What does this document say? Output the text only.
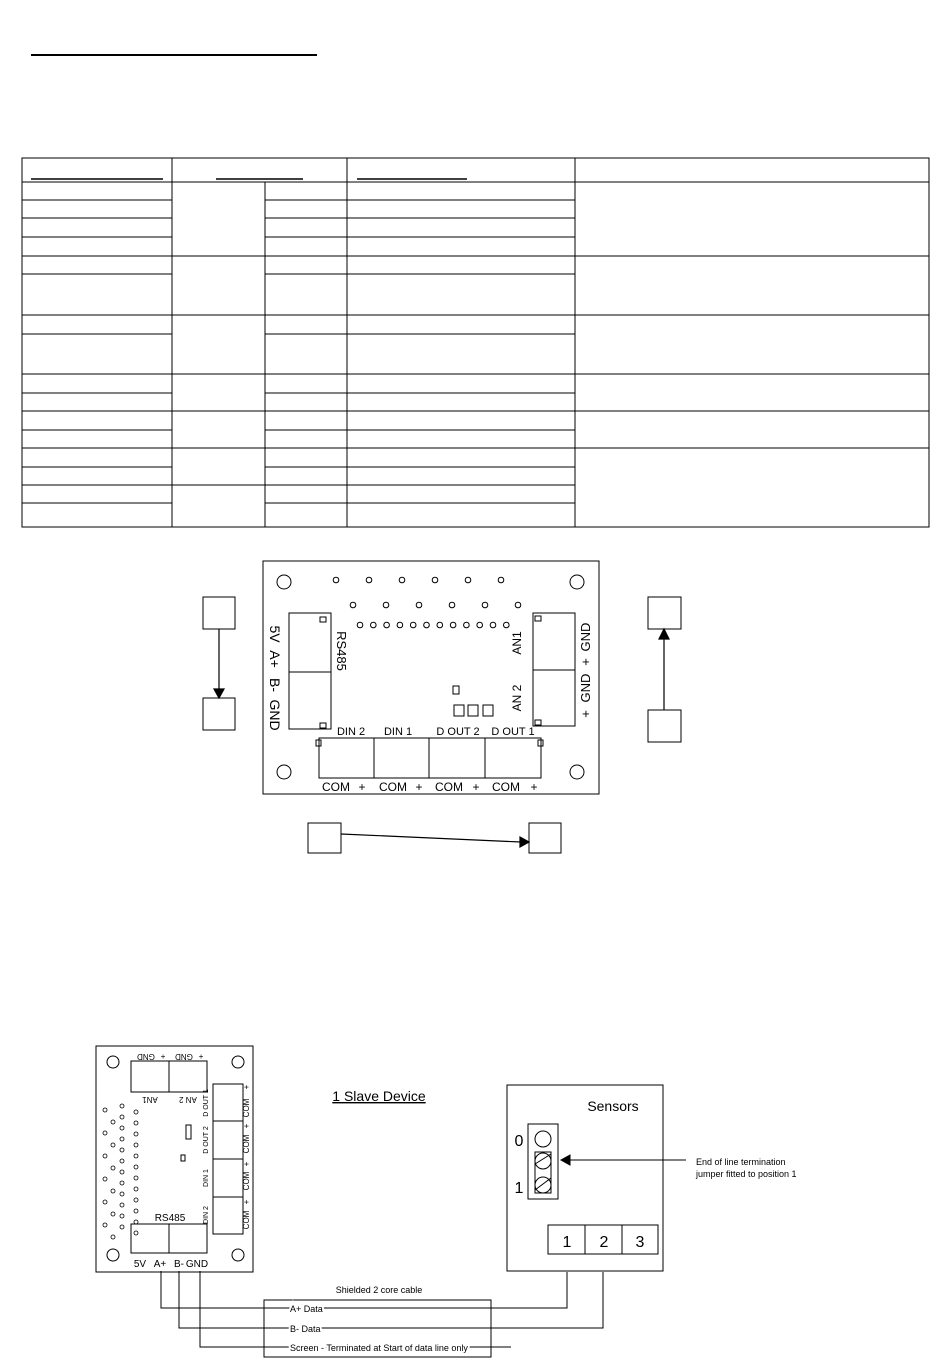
RS485
5V
A+
B-
GND
AN1
AN 2
GND
+
GND
+
DIN 2 DIN 1 D OUT 2 D OUT 1
COM + COM + COM + COM +
1 Slave Device
GND + GND +
AN1	AN 2 D OUT 1
D OUT 2
DIN 1
DIN 2
COM
+
COM
+
COM
+
COM
+
RS485
5V A+ B- GND
Sensors
0
1
1 2 3
End of line termination
jumper fitted to position 1
Shielded 2 core cable
A+ Data
B- Data
Screen - Terminated at Start of data line only
